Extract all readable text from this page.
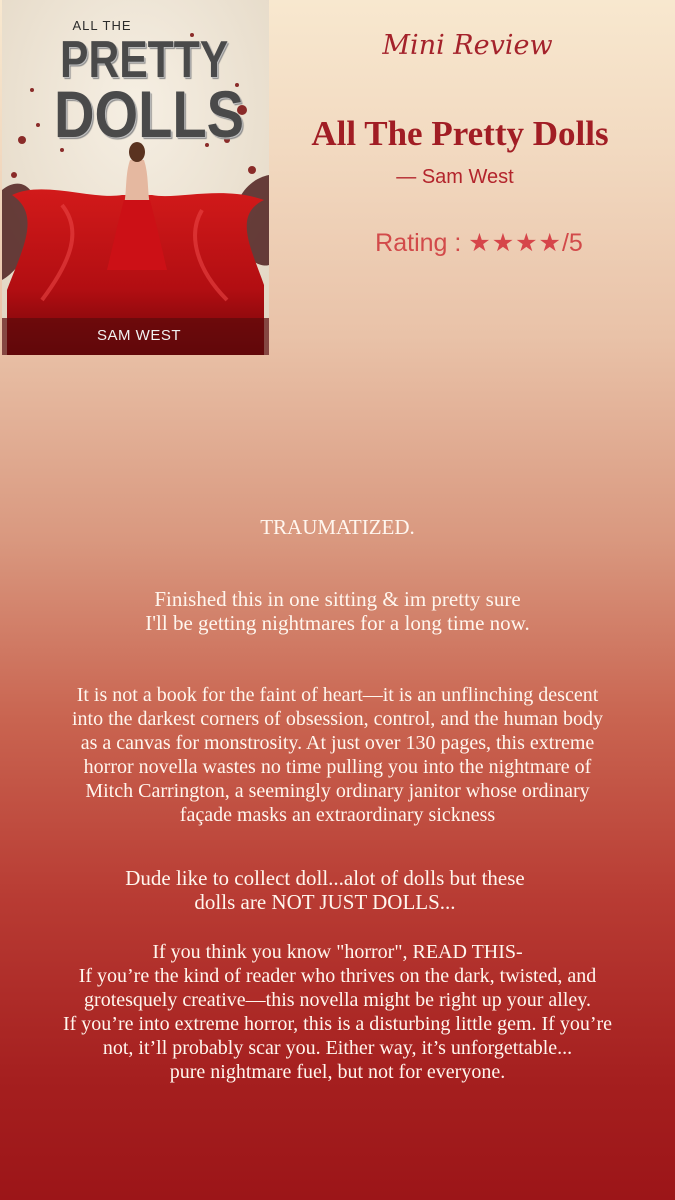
ALL THE
PRETTY
DOLLS
SAM WEST
Mini Review
All The Pretty Dolls
— Sam West
Rating : ★★★★/5

TRAUMATIZED.

Finished this in one sitting & im pretty sure
I'll be getting nightmares for a long time now.

It is not a book for the faint of heart—it is an unflinching descent
into the darkest corners of obsession, control, and the human body
as a canvas for monstrosity. At just over 130 pages, this extreme
horror novella wastes no time pulling you into the nightmare of
Mitch Carrington, a seemingly ordinary janitor whose ordinary
façade masks an extraordinary sickness

Dude like to collect doll...alot of dolls but these
dolls are NOT JUST DOLLS...

If you think you know "horror", READ THIS-
If you’re the kind of reader who thrives on the dark, twisted, and
grotesquely creative—this novella might be right up your alley.
If you’re into extreme horror, this is a disturbing little gem. If you’re
not, it’ll probably scar you. Either way, it’s unforgettable...
pure nightmare fuel, but not for everyone.
